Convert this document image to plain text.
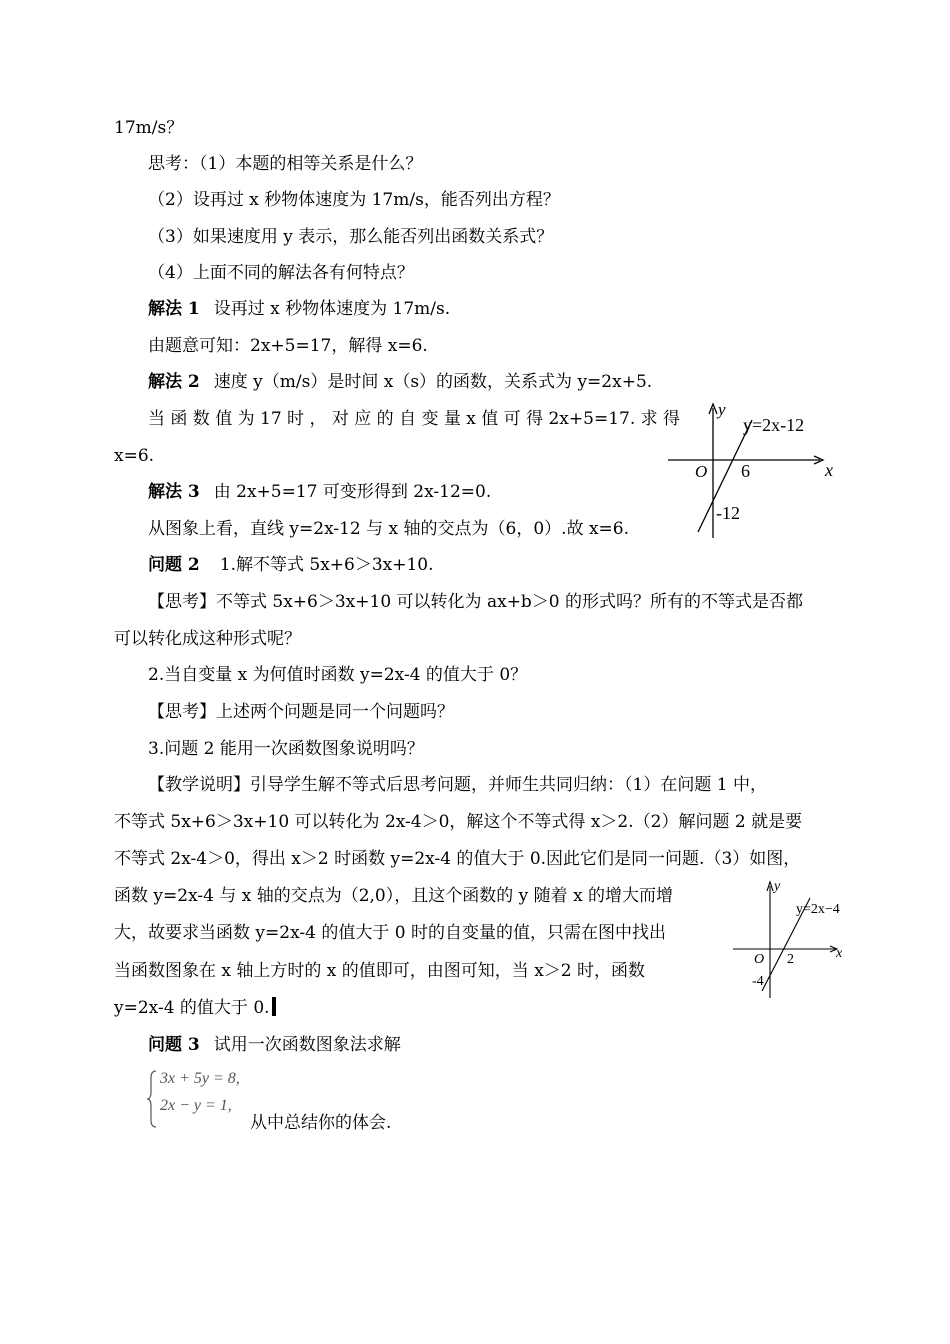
17m/s？
思考：（1）本题的相等关系是什么？
（2）设再过 x 秒物体速度为 17m/s，能否列出方程？
（3）如果速度用 y 表示，那么能否列出函数关系式？
（4）上面不同的解法各有何特点？
解法 1 设再过 x 秒物体速度为 17m/s.
由题意可知：2x+5=17，解得 x=6.
解法 2 速度 y（m/s）是时间 x（s）的函数，关系式为 y=2x+5.
当 函 数 值 为 17 时 ， 对 应 的 自 变 量 x 值 可 得 2x+5=17. 求 得
x=6.
解法 3 由 2x+5=17 可变形得到 2x-12=0.
从图象上看，直线 y=2x-12 与 x 轴的交点为（6，0）.故 x=6.
问题 2 1.解不等式 5x+6＞3x+10.
【思考】不等式 5x+6＞3x+10 可以转化为 ax+b＞0 的形式吗？所有的不等式是否都
可以转化成这种形式呢？
2.当自变量 x 为何值时函数 y=2x-4 的值大于 0？
【思考】上述两个问题是同一个问题吗？
3.问题 2 能用一次函数图象说明吗？
【教学说明】引导学生解不等式后思考问题，并师生共同归纳：（1）在问题 1 中，
不等式 5x+6＞3x+10 可以转化为 2x-4＞0，解这个不等式得 x＞2.（2）解问题 2 就是要
不等式 2x-4＞0，得出 x＞2 时函数 y=2x-4 的值大于 0.因此它们是同一问题.（3）如图，
函数 y=2x-4 与 x 轴的交点为（2,0），且这个函数的 y 随着 x 的增大而增
大，故要求当函数 y=2x-4 的值大于 0 时的自变量的值，只需在图中找出
当函数图象在 x 轴上方时的 x 的值即可，由图可知，当 x＞2 时，函数
y=2x-4 的值大于 0.
问题 3 试用一次函数图象法求解
3x + 5y = 8,
2x − y = 1,
从中总结你的体会.
y
x
O
y=2x-12
6
-12
y
x
O
y=2x−4
2
-4
